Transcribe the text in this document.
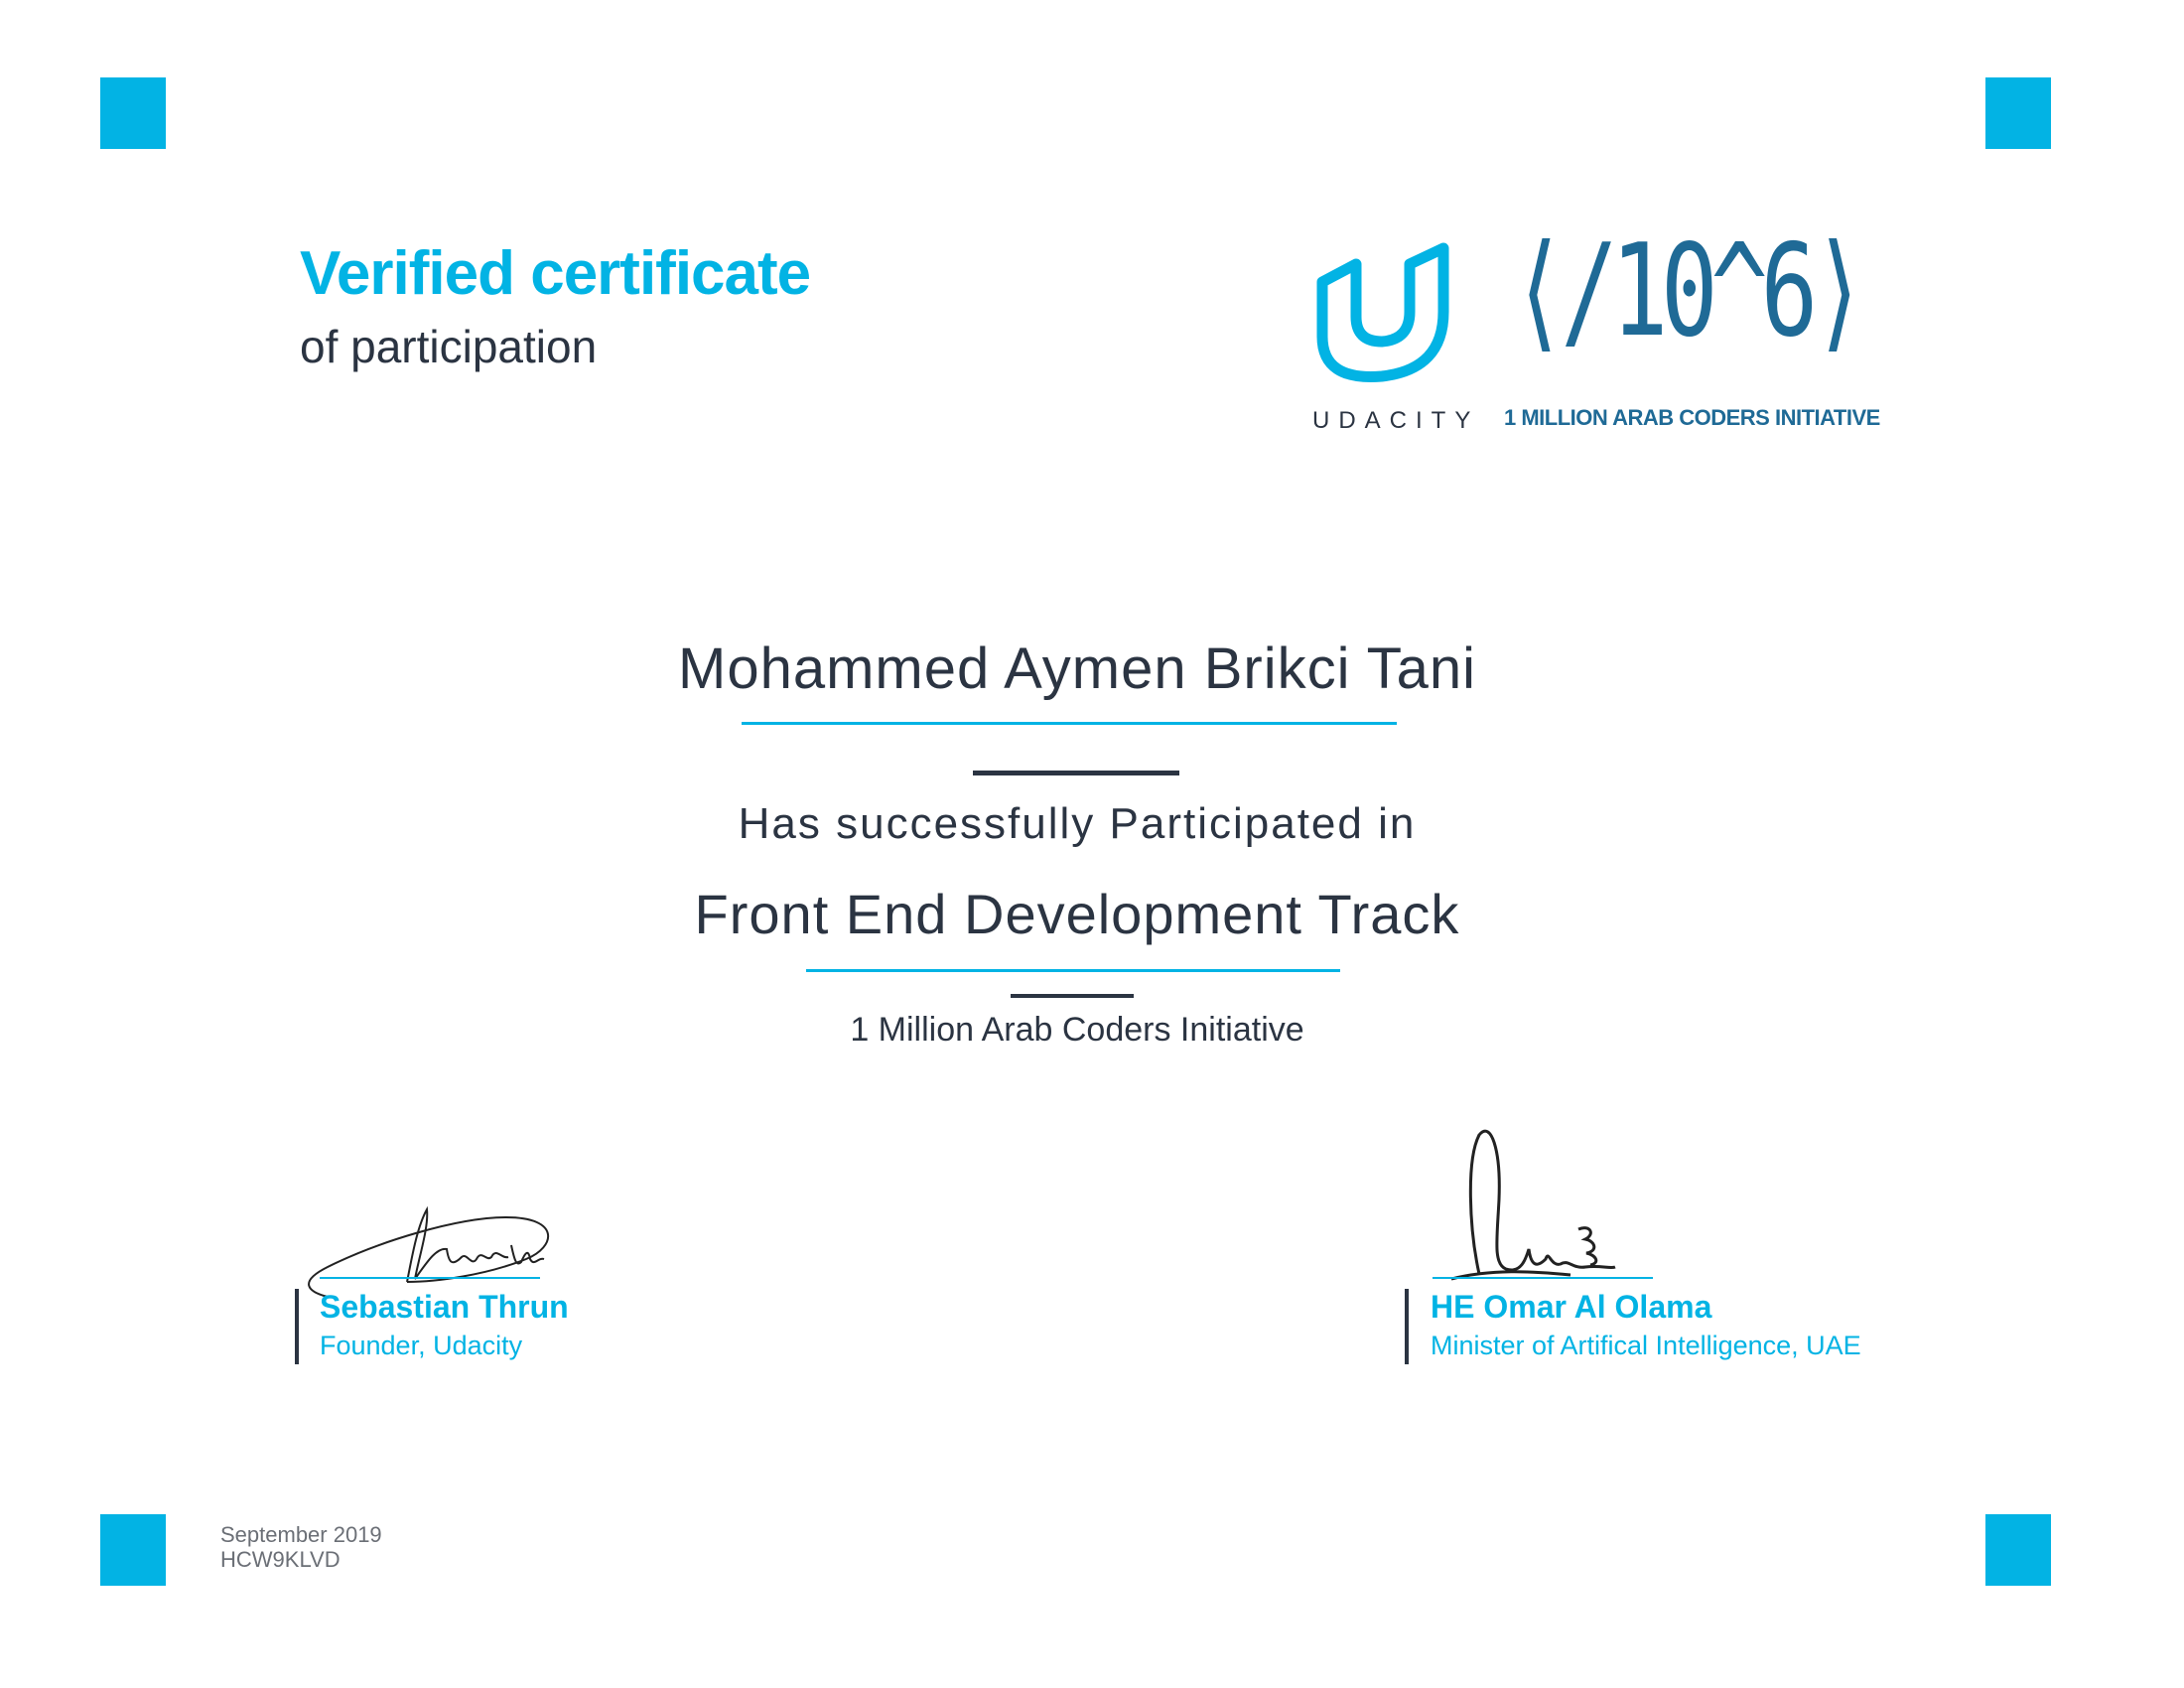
Verified certificate
of participation
UDACITY
⟨/10^6⟩
1 MILLION ARAB CODERS INITIATIVE
Mohammed Aymen Brikci Tani
Has successfully Participated in
Front End Development Track
1 Million Arab Coders Initiative
Sebastian Thrun
Founder, Udacity
HE Omar Al Olama
Minister of Artifical Intelligence, UAE
September 2019
HCW9KLVD
